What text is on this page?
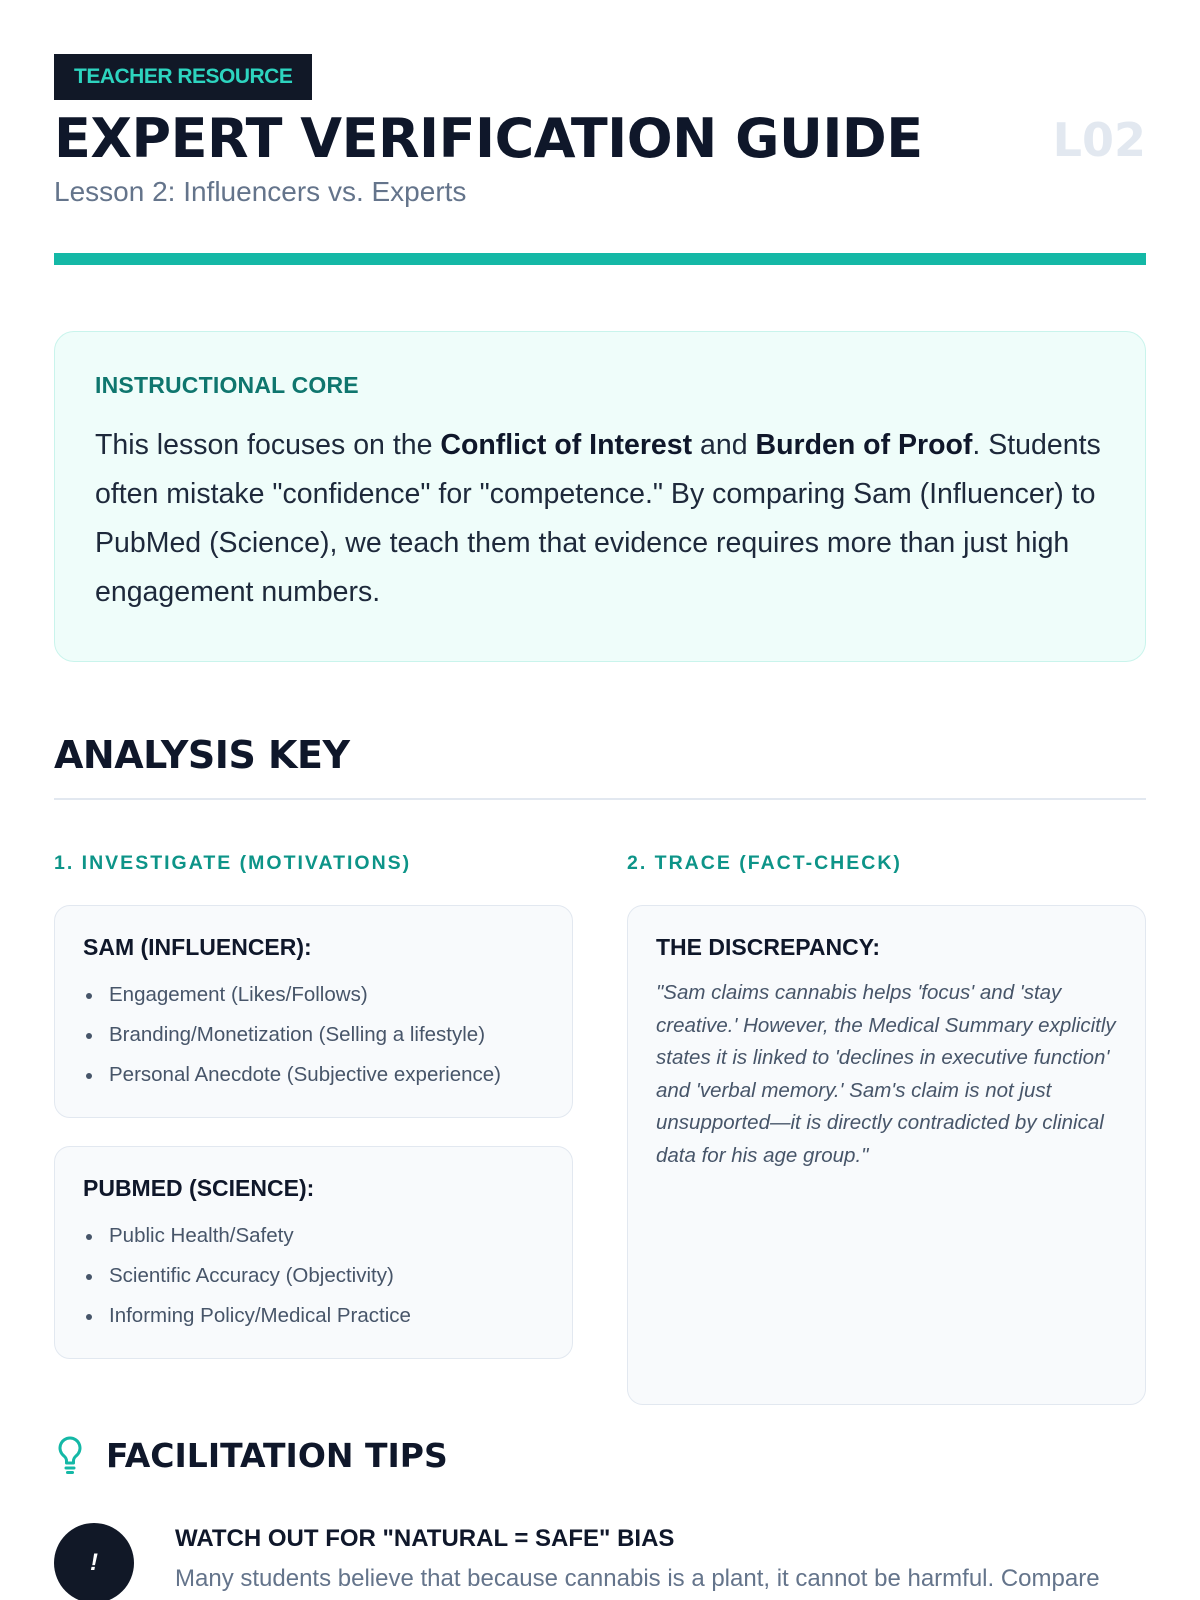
TEACHER RESOURCE
EXPERT VERIFICATION GUIDE	L02
Lesson 2: Influencers vs. Experts
INSTRUCTIONAL CORE

This lesson focuses on the Conflict of Interest and Burden of Proof. Students often mistake "confidence" for "competence." By comparing Sam (Influencer) to PubMed (Science), we teach them that evidence requires more than just high engagement numbers.

ANALYSIS KEY
1. INVESTIGATE (MOTIVATIONS)
SAM (INFLUENCER):
Engagement (Likes/Follows)
Branding/Monetization (Selling a lifestyle)
Personal Anecdote (Subjective experience)
PUBMED (SCIENCE):
Public Health/Safety
Scientific Accuracy (Objectivity)
Informing Policy/Medical Practice
2. TRACE (FACT-CHECK)
THE DISCREPANCY:

"Sam claims cannabis helps 'focus' and 'stay creative.' However, the Medical Summary explicitly states it is linked to 'declines in executive function' and 'verbal memory.' Sam's claim is not just unsupported—it is directly contradicted by clinical data for his age group."

FACILITATION TIPS
!
WATCH OUT FOR "NATURAL = SAFE" BIAS
Many students believe that because cannabis is a plant, it cannot be harmful. Compare
